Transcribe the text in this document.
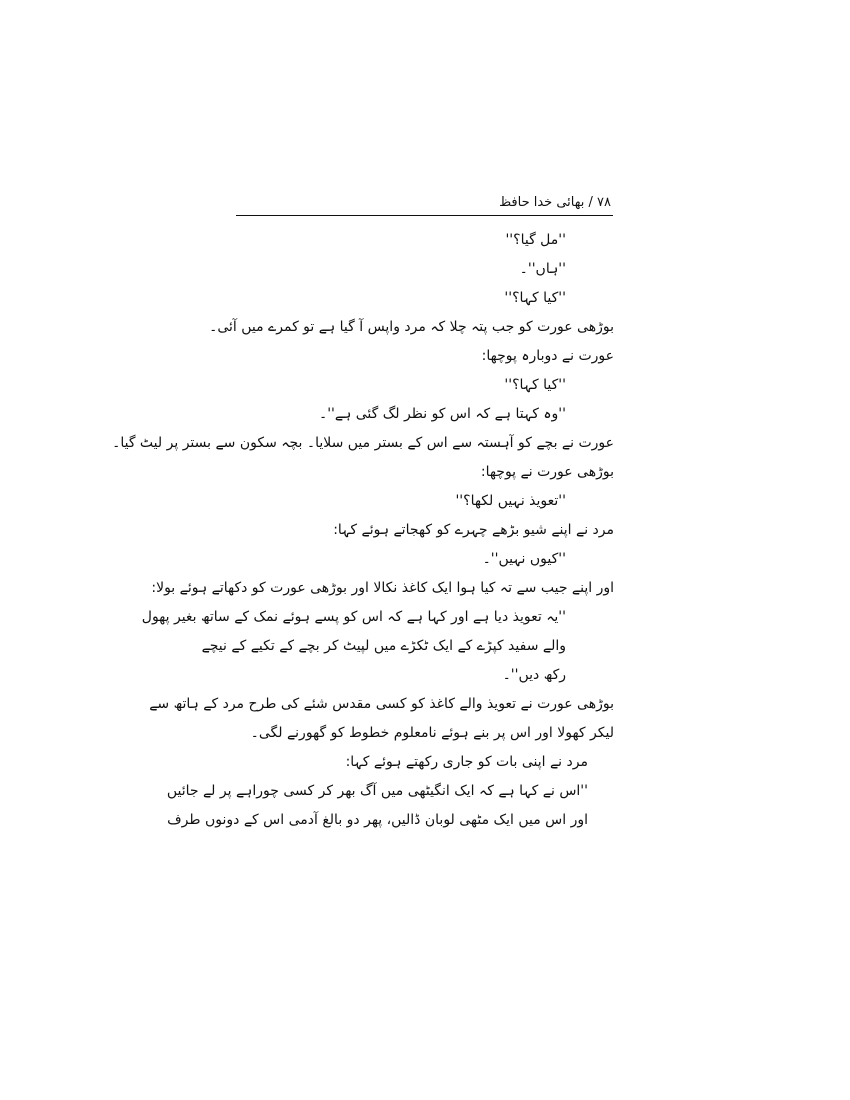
۷۸ / بھائی خدا حافظ
''مل گیا؟''
''ہاں''۔
''کیا کہا؟''
بوڑھی عورت کو جب پتہ چلا کہ مرد واپس آ گیا ہے تو کمرے میں آئی۔
عورت نے دوبارہ پوچھا:
''کیا کہا؟''
''وہ کہتا ہے کہ اس کو نظر لگ گئی ہے''۔
عورت نے بچے کو آہستہ سے اس کے بستر میں سلایا۔ بچہ سکون سے بستر پر لیٹ گیا۔
بوڑھی عورت نے پوچھا:
''تعویذ نہیں لکھا؟''
مرد نے اپنے شیو بڑھے چہرے کو کھجاتے ہوئے کہا:
''کیوں نہیں''۔
اور اپنے جیب سے تہ کیا ہوا ایک کاغذ نکالا اور بوڑھی عورت کو دکھاتے ہوئے بولا:
''یہ تعویذ دیا ہے اور کہا ہے کہ اس کو پسے ہوئے نمک کے ساتھ بغیر پھول
والے سفید کپڑے کے ایک ٹکڑے میں لپیٹ کر بچے کے تکیے کے نیچے
رکھ دیں''۔
بوڑھی عورت نے تعویذ والے کاغذ کو کسی مقدس شئے کی طرح مرد کے ہاتھ سے
لیکر کھولا اور اس پر بنے ہوئے نامعلوم خطوط کو گھورنے لگی۔
مرد نے اپنی بات کو جاری رکھتے ہوئے کہا:
''اس نے کہا ہے کہ ایک انگیٹھی میں آگ بھر کر کسی چوراہے پر لے جائیں
اور اس میں ایک مٹھی لوبان ڈالیں، پھر دو بالغ آدمی اس کے دونوں طرف
